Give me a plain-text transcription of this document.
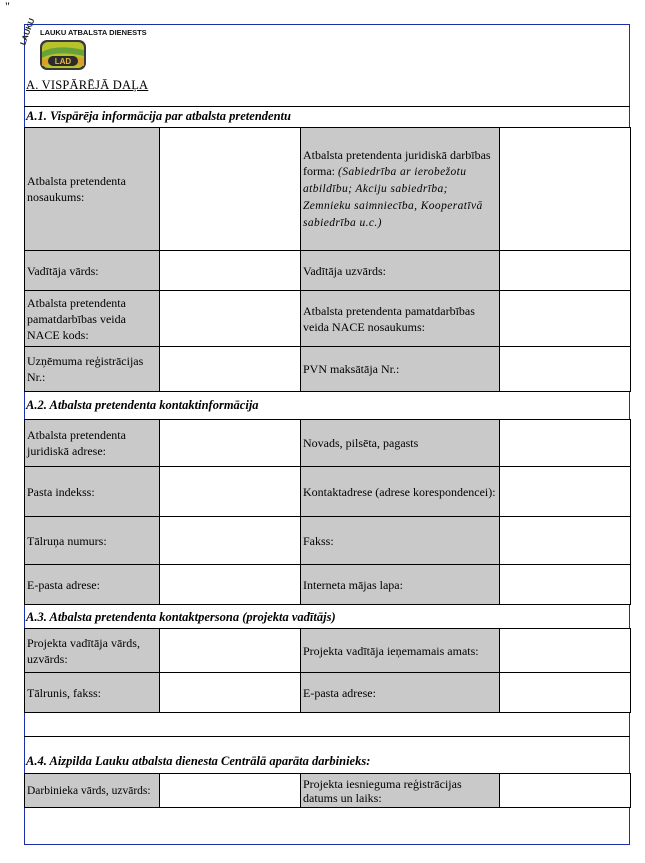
"
LAUKU LAUKU ATBALSTA DIENESTS
LAD
A. VISPĀRĒJĀ DAĻA
A.1. Vispārēja informācija par atbalsta pretendentu
Atbalsta pretendenta nosaukums:		Atbalsta pretendenta juridiskā darbības forma: (Sabiedrība ar ierobežotu atbildību; Akciju sabiedrība; Zemnieku saimniecība, Kooperatīvā sabiedrība u.c.)	
Vadītāja vārds:		Vadītāja uzvārds:	
Atbalsta pretendenta pamatdarbības veida NACE kods:		Atbalsta pretendenta pamatdarbības veida NACE nosaukums:	
Uzņēmuma reģistrācijas Nr.:		PVN maksātāja Nr.:	
A.2. Atbalsta pretendenta kontaktinformācija
Atbalsta pretendenta juridiskā adrese:		Novads, pilsēta, pagasts	
Pasta indekss:		Kontaktadrese (adrese korespondencei):	
Tālruņa numurs:		Fakss:	
E-pasta adrese:		Interneta mājas lapa:	
A.3. Atbalsta pretendenta kontaktpersona (projekta vadītājs)
Projekta vadītāja vārds, uzvārds:		Projekta vadītāja ieņemamais amats:	
Tālrunis, fakss:		E-pasta adrese:	
A.4. Aizpilda Lauku atbalsta dienesta Centrālā aparāta darbinieks:
Darbinieka vārds, uzvārds:		Projekta iesnieguma reģistrācijas datums un laiks:	
